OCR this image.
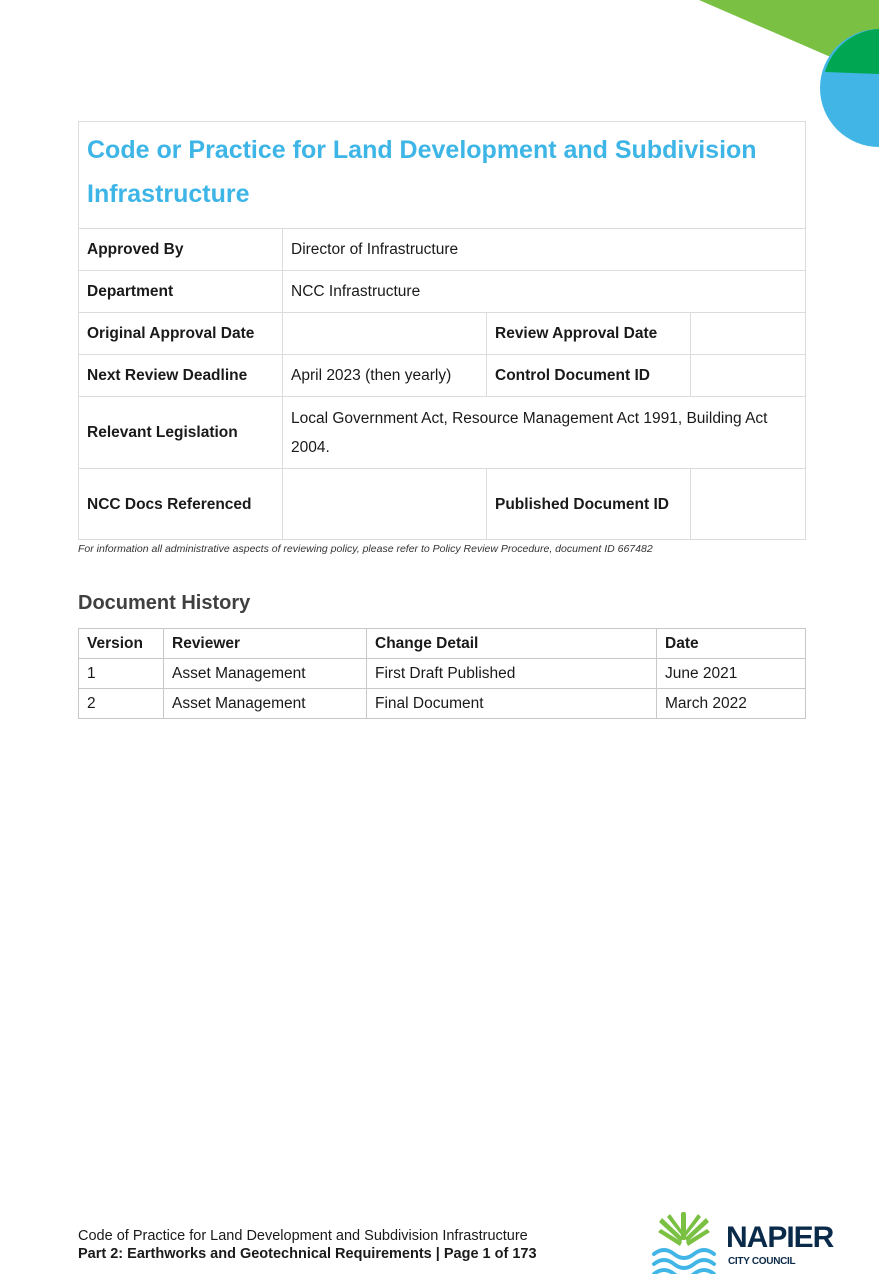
Code or Practice for Land Development and Subdivision Infrastructure			
Approved By	Director of Infrastructure		
Department	NCC Infrastructure		
Original Approval Date		Review Approval Date	
Next Review Deadline	April 2023 (then yearly)	Control Document ID	
Relevant Legislation	Local Government Act, Resource Management Act 1991, Building Act 2004.		
NCC Docs Referenced		Published Document ID	
For information all administrative aspects of reviewing policy, please refer to Policy Review Procedure, document ID 667482
Document History
Version	Reviewer	Change Detail	Date
1	Asset Management	First Draft Published	June 2021
2	Asset Management	Final Document	March 2022
Code of Practice for Land Development and Subdivision Infrastructure
Part 2: Earthworks and Geotechnical Requirements | Page 1 of 173	NAPIER
CITY COUNCIL
